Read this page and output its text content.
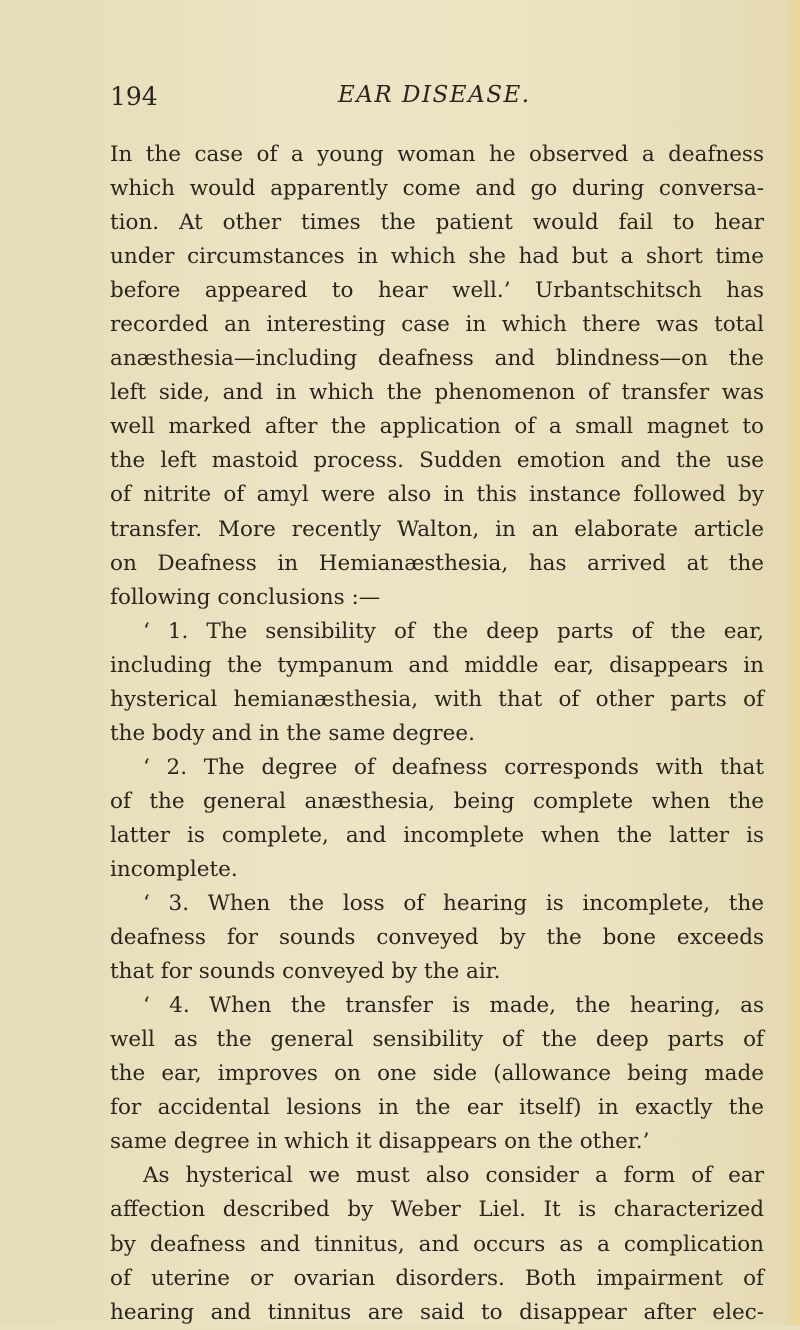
194	EAR DISEASE.
In the case of a young woman he observed a deafness
which would apparently come and go during conversa-
tion. At other times the patient would fail to hear
under circumstances in which she had but a short time
before appeared to hear well.’ Urbantschitsch has
recorded an interesting case in which there was total
anæsthesia—including deafness and blindness—on the
left side, and in which the phenomenon of transfer was
well marked after the application of a small magnet to
the left mastoid process. Sudden emotion and the use
of nitrite of amyl were also in this instance followed by
transfer. More recently Walton, in an elaborate article
on Deafness in Hemianæsthesia, has arrived at the
following conclusions :—
‘ 1. The sensibility of the deep parts of the ear,
including the tympanum and middle ear, disappears in
hysterical hemianæsthesia, with that of other parts of
the body and in the same degree.
‘ 2. The degree of deafness corresponds with that
of the general anæsthesia, being complete when the
latter is complete, and incomplete when the latter is
incomplete.
‘ 3. When the loss of hearing is incomplete, the
deafness for sounds conveyed by the bone exceeds
that for sounds conveyed by the air.
‘ 4. When the transfer is made, the hearing, as
well as the general sensibility of the deep parts of
the ear, improves on one side (allowance being made
for accidental lesions in the ear itself) in exactly the
same degree in which it disappears on the other.’
As hysterical we must also consider a form of ear
affection described by Weber Liel. It is characterized
by deafness and tinnitus, and occurs as a complication
of uterine or ovarian disorders. Both impairment of
hearing and tinnitus are said to disappear after elec-
